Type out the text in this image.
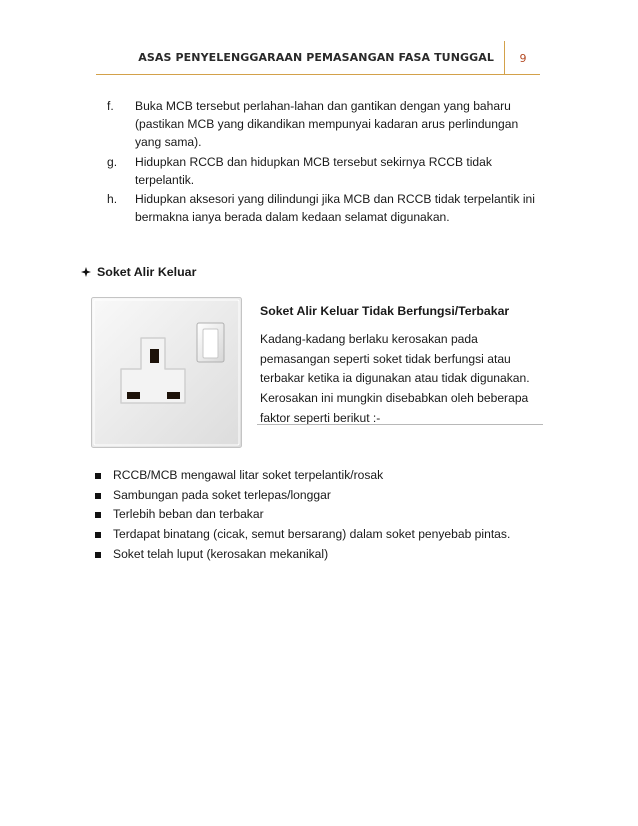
ASAS PENYELENGGARAAN PEMASANGAN FASA TUNGGAL 9
f. Buka MCB tersebut perlahan-lahan dan gantikan dengan yang baharu (pastikan MCB yang dikandikan mempunyai kadaran arus perlindungan yang sama).
g. Hidupkan RCCB dan hidupkan MCB tersebut sekirnya RCCB tidak terpelantik.
h. Hidupkan aksesori yang dilindungi jika MCB dan RCCB tidak terpelantik ini bermakna ianya berada dalam kedaan selamat digunakan.
Soket Alir Keluar
Soket Alir Keluar Tidak Berfungsi/Terbakar
Kadang-kadang berlaku kerosakan pada pemasangan seperti soket tidak berfungsi atau terbakar ketika ia digunakan atau tidak digunakan. Kerosakan ini mungkin disebabkan oleh beberapa faktor seperti berikut :-
RCCB/MCB mengawal litar soket terpelantik/rosak
Sambungan pada soket terlepas/longgar
Terlebih beban dan terbakar
Terdapat binatang (cicak, semut bersarang) dalam soket penyebab pintas.
Soket telah luput (kerosakan mekanikal)
